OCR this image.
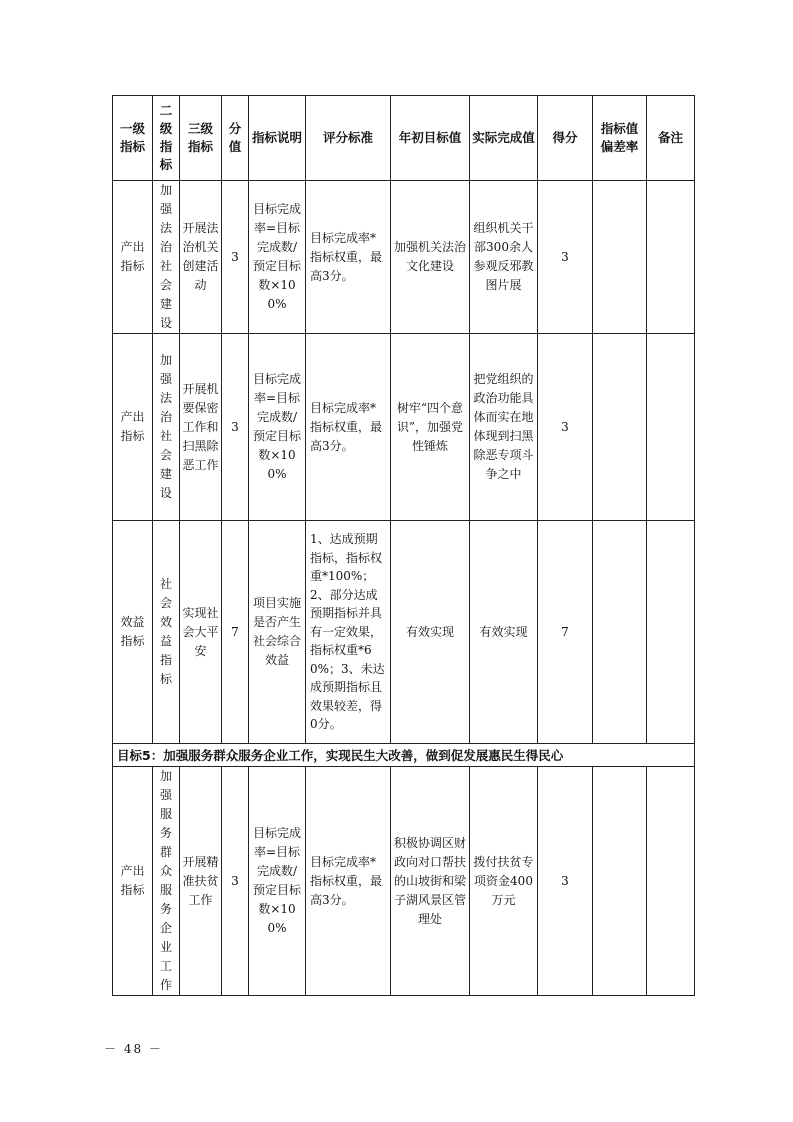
一级指标	二级指标	三级指标	分值	指标说明	评分标准	年初目标值	实际完成值	得分	指标值偏差率	备注
产出指标	加强法治社会建设	开展法治机关创建活动	3	目标完成率=目标完成数/预定目标数×100%	目标完成率*指标权重，最高3分。	加强机关法治文化建设	组织机关干部300余人参观反邪教图片展	3		
产出指标	加强法治社会建设	开展机要保密工作和扫黑除恶工作	3	目标完成率=目标完成数/预定目标数×100%	目标完成率*指标权重，最高3分。	树牢“四个意识”，加强党性锤炼	把党组织的政治功能具体而实在地体现到扫黑除恶专项斗争之中	3		
效益指标	社会效益指标	实现社会大平安	7	项目实施是否产生社会综合效益	1、达成预期指标，指标权重*100%；2、部分达成预期指标并具有一定效果，指标权重*60%；3、未达成预期指标且效果较差，得0分。	有效实现	有效实现	7		
目标5：加强服务群众服务企业工作，实现民生大改善，做到促发展惠民生得民心										
产出指标	加强服务群众服务企业工作	开展精准扶贫工作	3	目标完成率=目标完成数/预定目标数×100%	目标完成率*指标权重，最高3分。	积极协调区财政向对口帮扶的山坡街和梁子湖风景区管理处	拨付扶贫专项资金400万元	3		
－ 48 －
